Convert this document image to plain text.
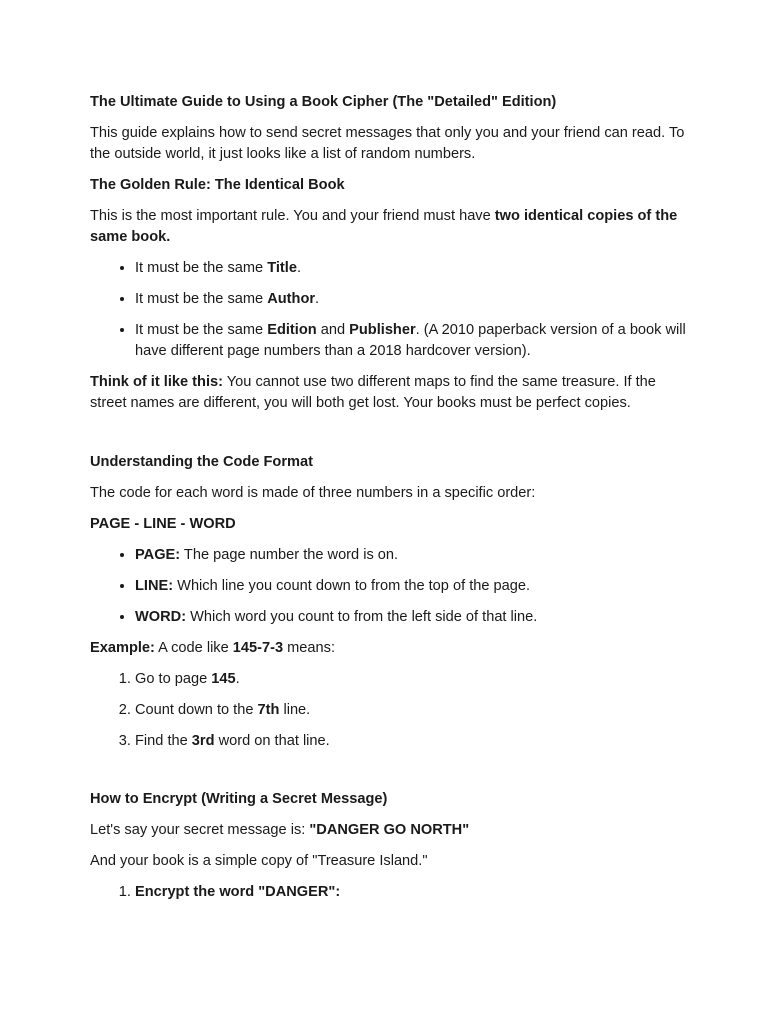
The Ultimate Guide to Using a Book Cipher (The "Detailed" Edition)

This guide explains how to send secret messages that only you and your friend can read. To the outside world, it just looks like a list of random numbers.

The Golden Rule: The Identical Book

This is the most important rule. You and your friend must have two identical copies of the same book.

• It must be the same Title.
• It must be the same Author.
• It must be the same Edition and Publisher. (A 2010 paperback version of a book will have different page numbers than a 2018 hardcover version).

Think of it like this: You cannot use two different maps to find the same treasure. If the street names are different, you will both get lost. Your books must be perfect copies.

Understanding the Code Format

The code for each word is made of three numbers in a specific order:

PAGE - LINE - WORD

• PAGE: The page number the word is on.
• LINE: Which line you count down to from the top of the page.
• WORD: Which word you count to from the left side of that line.

Example: A code like 145-7-3 means:

1. Go to page 145.
2. Count down to the 7th line.
3. Find the 3rd word on that line.
How to Encrypt (Writing a Secret Message)

Let's say your secret message is: "DANGER GO NORTH"

And your book is a simple copy of "Treasure Island."

1. Encrypt the word "DANGER":
